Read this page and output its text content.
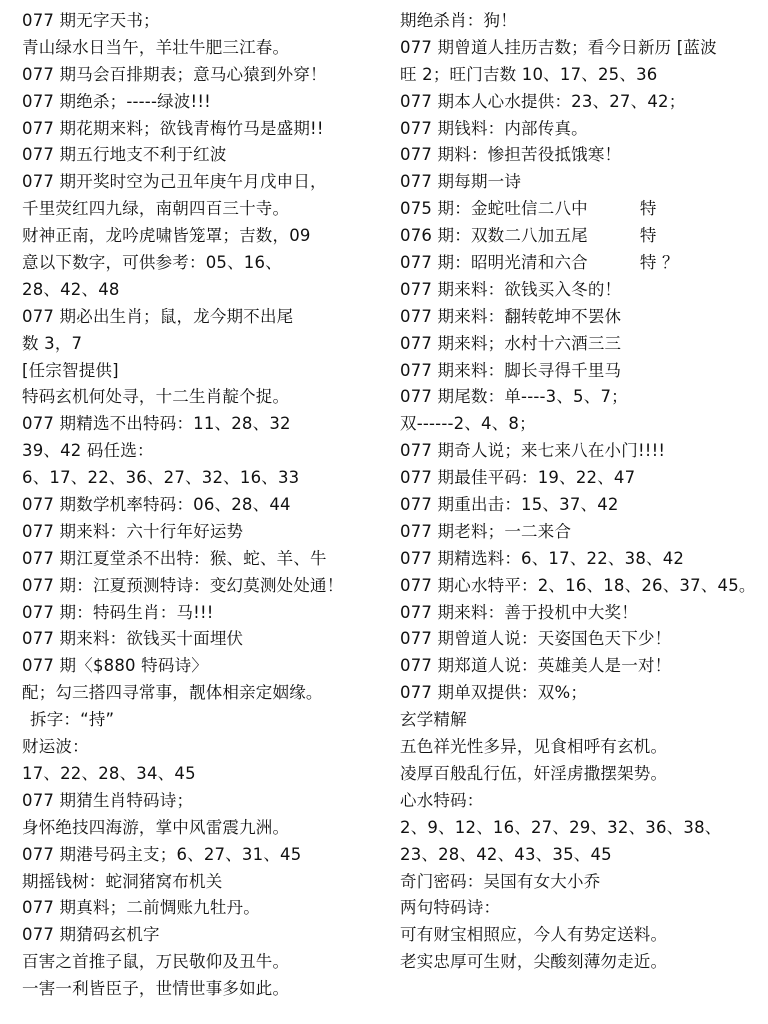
077 期无字天书；
青山绿水日当午，羊壮牛肥三江春。
077 期马会百排期表；意马心猿到外穿！
077 期绝杀；-----绿波!!!
077 期花期来料；欲钱青梅竹马是盛期!!
077 期五行地支不利于红波
077 期开奖时空为己丑年庚午月戊申日，
千里荧红四九绿，南朝四百三十寺。
财神正南，龙吟虎啸皆笼罩；吉数，09
意以下数字，可供参考：05、16、
28、42、48
077 期必出生肖；鼠，龙今期不出尾
数 3，7
[任宗智提供]
特码玄机何处寻，十二生肖靛个捉。
077 期精选不出特码：11、28、32
39、42 码任选：
6、17、22、36、27、32、16、33
077 期数学机率特码：06、28、44
077 期来料：六十行年好运势
077 期江夏堂杀不出特：猴、蛇、羊、牛
077 期：江夏预测特诗：变幻莫测处处通！
077 期：特码生肖：马!!!
077 期来料：欲钱买十面埋伏
077 期〈$880 特码诗〉
配；勾三搭四寻常事，靓体相亲定姻缘。
拆字：“持”
财运波：
17、22、28、34、45
077 期猜生肖特码诗；
身怀绝技四海游，掌中风雷震九洲。
077 期港号码主支；6、27、31、45
期摇钱树：蛇洞猪窝布机关
077 期真料；二前惆账九牡丹。
077 期猜码玄机字
百害之首推子鼠，万民敬仰及丑牛。
一害一利皆臣子，世情世事多如此。
期绝杀肖：狗！
077 期曾道人挂历吉数；看今日新历 [蓝波
旺 2；旺门吉数 10、17、25、36
077 期本人心水提供：23、27、42；
077 期钱料：内部传真。
077 期料：惨担苦役抵饿寒！
077 期每期一诗
075 期：金蛇吐信二八中	特
076 期：双数二八加五尾	特
077 期：昭明光清和六合	特 ？
077 期来料：欲钱买入冬的！
077 期来料：翻转乾坤不罢休
077 期来料；水村十六酒三三
077 期来料：脚长寻得千里马
077 期尾数：单----3、5、7；
双------2、4、8；
077 期奇人说；来七来八在小门!!!!
077 期最佳平码：19、22、47
077 期重出击：15、37、42
077 期老料；一二来合
077 期精选料：6、17、22、38、42
077 期心水特平：2、16、18、26、37、45。
077 期来料：善于投机中大奖！
077 期曾道人说：天姿国色天下少！
077 期郑道人说：英雄美人是一对！
077 期单双提供：双%；
玄学精解
五色祥光性多异，见食相呼有玄机。
凌厚百般乱行伍，奸淫虏撒摆架势。
心水特码：
2、9、12、16、27、29、32、36、38、
23、28、42、43、35、45
奇门密码：吴国有女大小乔
两句特码诗：
可有财宝相照应，今人有势定送料。
老实忠厚可生财，尖酸刻薄勿走近。
